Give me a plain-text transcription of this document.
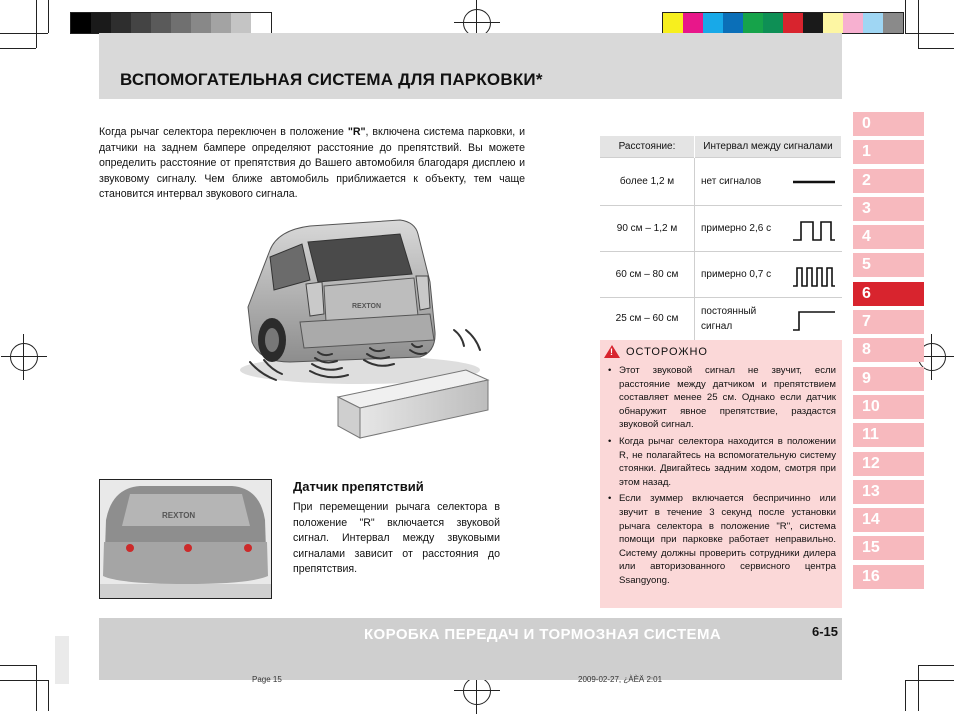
ВСПОМОГАТЕЛЬНАЯ СИСТЕМА ДЛЯ ПАРКОВКИ*
Когда рычаг селектора переключен в положение "R", включена система парковки, и датчики на заднем бампере определяют расстояние до препятствий. Вы можете определить расстояние от препятствия до Вашего автомобиля благодаря дисплею и звуковому сигналу. Чем ближе автомобиль приближается к объекту, тем чаще становится интервал звукового сигнала.
REXTON
0
1
2
3
4
5
6
7
8
9
10
11
12
13
14
15
16
Расстояние:	Интервал между сигналами
более 1,2 м	нет сигналов

90 см – 1,2 м	примерно 2,6 с

60 см – 80 см	примерно 0,7 с

25 см – 60 см	постоянный сигнал
! ОСТОРОЖНО
• Этот звуковой сигнал не звучит, если расстояние между датчиком и препятствием составляет менее 25 см. Однако если датчик обнаружит явное препятствие, раздастся звуковой сигнал.
• Когда рычаг селектора находится в положении R, не полагайтесь на вспомогательную систему стоянки. Двигайтесь задним ходом, смотря при этом назад.
• Если зуммер включается беспричинно или звучит в течение 3 секунд после установки рычага селектора в положение "R", система помощи при парковке работает неправильно. Систему должны проверить сотрудники дилера или авторизованного сервисного центра Ssangyong.
REXTON
Датчик препятствий
При перемещении рычага селектора в положение "R" включается звуковой сигнал. Интервал между звуковыми сигналами зависит от расстояния до препятствия.
КОРОБКА ПЕРЕДАЧ И ТОРМОЗНАЯ СИСТЕМА	6-15
Page 15	2009-02-27, ¿ÀÈÄ 2:01
